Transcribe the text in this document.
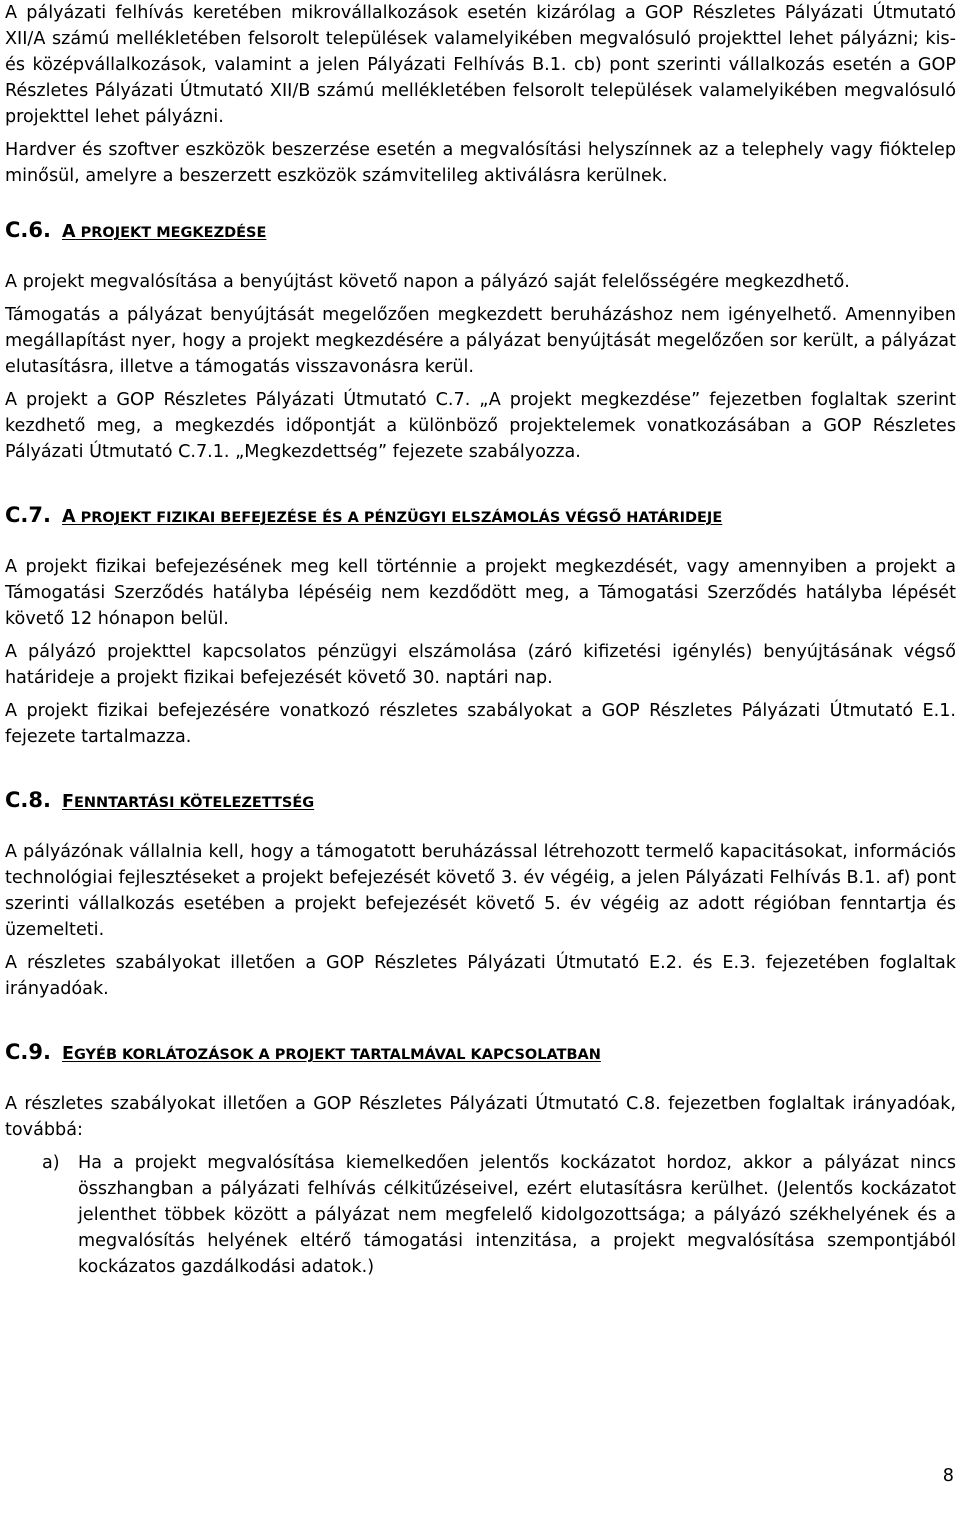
A pályázati felhívás keretében mikrovállalkozások esetén kizárólag a GOP Részletes Pályázati Útmutató XII/A számú mellékletében felsorolt települések valamelyikében megvalósuló projekttel lehet pályázni; kis- és középvállalkozások, valamint a jelen Pályázati Felhívás B.1. cb) pont szerinti vállalkozás esetén a GOP Részletes Pályázati Útmutató XII/B számú mellékletében felsorolt települések valamelyikében megvalósuló projekttel lehet pályázni.

Hardver és szoftver eszközök beszerzése esetén a megvalósítási helyszínnek az a telephely vagy fióktelep minősül, amelyre a beszerzett eszközök számvitelileg aktiválásra kerülnek.

C.6. A PROJEKT MEGKEZDÉSE

A projekt megvalósítása a benyújtást követő napon a pályázó saját felelősségére megkezdhető.

Támogatás a pályázat benyújtását megelőzően megkezdett beruházáshoz nem igényelhető. Amennyiben megállapítást nyer, hogy a projekt megkezdésére a pályázat benyújtását megelőzően sor került, a pályázat elutasításra, illetve a támogatás visszavonásra kerül.

A projekt a GOP Részletes Pályázati Útmutató C.7. „A projekt megkezdése” fejezetben foglaltak szerint kezdhető meg, a megkezdés időpontját a különböző projektelemek vonatkozásában a GOP Részletes Pályázati Útmutató C.7.1. „Megkezdettség” fejezete szabályozza.

C.7. A PROJEKT FIZIKAI BEFEJEZÉSE ÉS A PÉNZÜGYI ELSZÁMOLÁS VÉGSŐ HATÁRIDEJE

A projekt fizikai befejezésének meg kell történnie a projekt megkezdését, vagy amennyiben a projekt a Támogatási Szerződés hatályba lépéséig nem kezdődött meg, a Támogatási Szerződés hatályba lépését követő 12 hónapon belül.

A pályázó projekttel kapcsolatos pénzügyi elszámolása (záró kifizetési igénylés) benyújtásának végső határideje a projekt fizikai befejezését követő 30. naptári nap.

A projekt fizikai befejezésére vonatkozó részletes szabályokat a GOP Részletes Pályázati Útmutató E.1. fejezete tartalmazza.

C.8. FENNTARTÁSI KÖTELEZETTSÉG

A pályázónak vállalnia kell, hogy a támogatott beruházással létrehozott termelő kapacitásokat, információs technológiai fejlesztéseket a projekt befejezését követő 3. év végéig, a jelen Pályázati Felhívás B.1. af) pont szerinti vállalkozás esetében a projekt befejezését követő 5. év végéig az adott régióban fenntartja és üzemelteti.

A részletes szabályokat illetően a GOP Részletes Pályázati Útmutató E.2. és E.3. fejezetében foglaltak irányadóak.

C.9. EGYÉB KORLÁTOZÁSOK A PROJEKT TARTALMÁVAL KAPCSOLATBAN

A részletes szabályokat illetően a GOP Részletes Pályázati Útmutató C.8. fejezetben foglaltak irányadóak, továbbá:

a)	Ha a projekt megvalósítása kiemelkedően jelentős kockázatot hordoz, akkor a pályázat nincs összhangban a pályázati felhívás célkitűzéseivel, ezért elutasításra kerülhet. (Jelentős kockázatot jelenthet többek között a pályázat nem megfelelő kidolgozottsága; a pályázó székhelyének és a megvalósítás helyének eltérő támogatási intenzitása, a projekt megvalósítása szempontjából kockázatos gazdálkodási adatok.)

8
